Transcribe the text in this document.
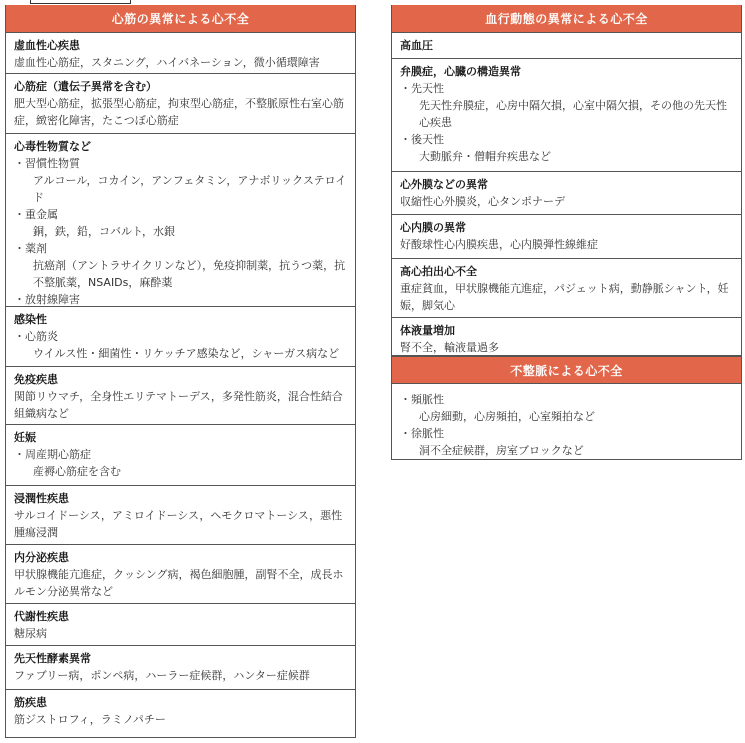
心筋の異常による心不全
虚血性心疾患
虚血性心筋症，スタニング，ハイバネーション，微小循環障害
心筋症（遺伝子異常を含む）
肥大型心筋症，拡張型心筋症，拘束型心筋症，不整脈原性右室心筋症，緻密化障害，たこつぼ心筋症
心毒性物質など
・習慣性物質
アルコール，コカイン，アンフェタミン，アナボリックステロイド
・重金属
銅，鉄，鉛，コバルト，水銀
・薬剤
抗癌剤（アントラサイクリンなど），免疫抑制薬，抗うつ薬，抗不整脈薬，NSAIDs，麻酔薬
・放射線障害
感染性
・心筋炎
ウイルス性・細菌性・リケッチア感染など，シャーガス病など
免疫疾患
関節リウマチ，全身性エリテマトーデス，多発性筋炎，混合性結合組織病など
妊娠
・周産期心筋症
産褥心筋症を含む
浸潤性疾患
サルコイドーシス，アミロイドーシス，ヘモクロマトーシス，悪性腫瘍浸潤
内分泌疾患
甲状腺機能亢進症，クッシング病，褐色細胞腫，副腎不全，成長ホルモン分泌異常など
代謝性疾患
糖尿病
先天性酵素異常
ファブリー病，ポンペ病，ハーラー症候群，ハンター症候群
筋疾患
筋ジストロフィ，ラミノパチー
血行動態の異常による心不全
高血圧
弁膜症，心臓の構造異常
・先天性
先天性弁膜症，心房中隔欠損，心室中隔欠損，その他の先天性心疾患
・後天性
大動脈弁・僧帽弁疾患など
心外膜などの異常
収縮性心外膜炎，心タンポナーデ
心内膜の異常
好酸球性心内膜疾患，心内膜弾性線維症
高心拍出心不全
重症貧血，甲状腺機能亢進症，パジェット病，動静脈シャント，妊娠，脚気心
体液量増加
腎不全，輸液量過多
不整脈による心不全
・頻脈性
心房細動，心房頻拍，心室頻拍など
・徐脈性
洞不全症候群，房室ブロックなど
